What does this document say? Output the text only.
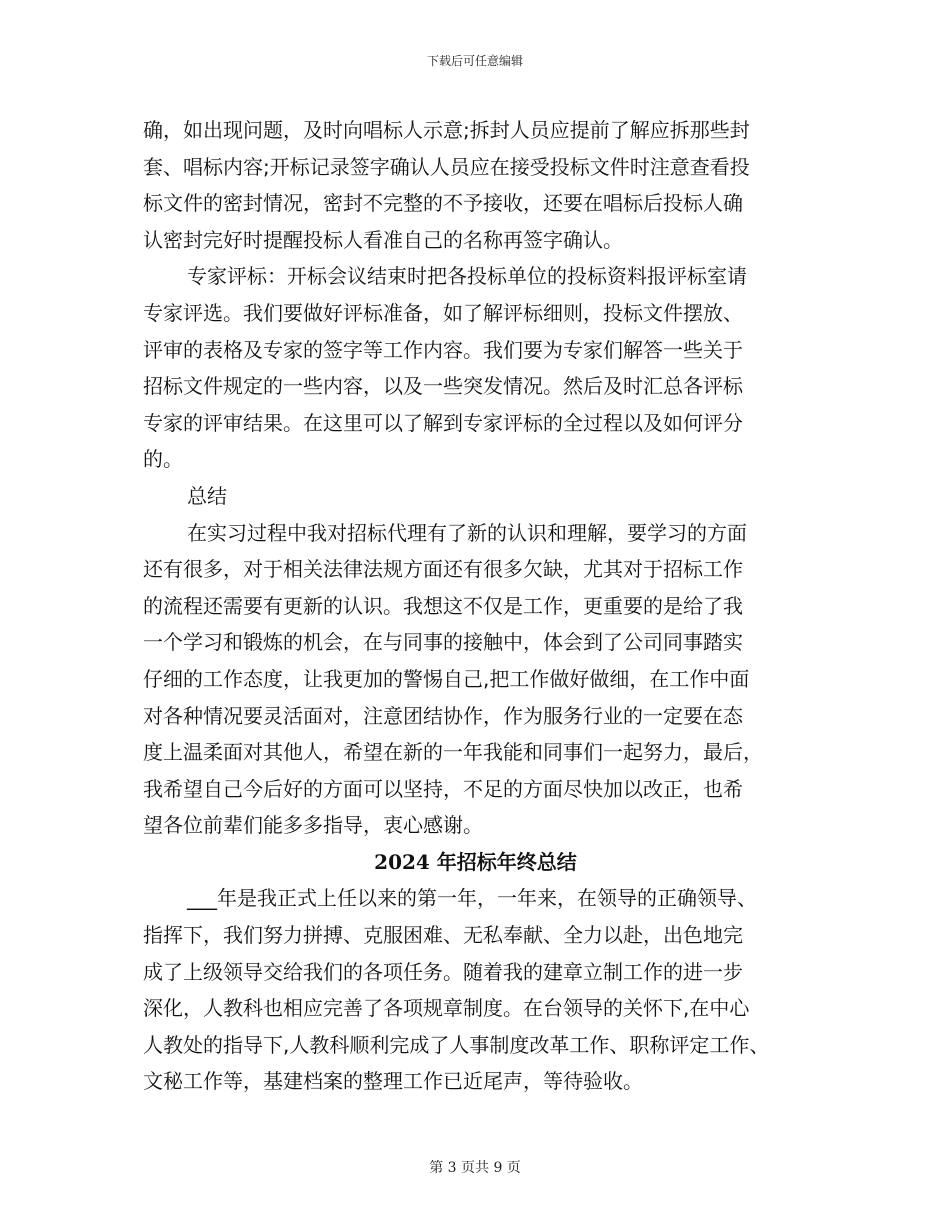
下载后可任意编辑
确，如出现问题，及时向唱标人示意;拆封人员应提前了解应拆那些封
套、唱标内容;开标记录签字确认人员应在接受投标文件时注意查看投
标文件的密封情况，密封不完整的不予接收，还要在唱标后投标人确
认密封完好时提醒投标人看准自己的名称再签字确认。
专家评标：开标会议结束时把各投标单位的投标资料报评标室请
专家评选。我们要做好评标准备，如了解评标细则，投标文件摆放、
评审的表格及专家的签字等工作内容。我们要为专家们解答一些关于
招标文件规定的一些内容，以及一些突发情况。然后及时汇总各评标
专家的评审结果。在这里可以了解到专家评标的全过程以及如何评分
的。
总结
在实习过程中我对招标代理有了新的认识和理解，要学习的方面
还有很多，对于相关法律法规方面还有很多欠缺，尤其对于招标工作
的流程还需要有更新的认识。我想这不仅是工作，更重要的是给了我
一个学习和锻炼的机会，在与同事的接触中，体会到了公司同事踏实
仔细的工作态度，让我更加的警惕自己,把工作做好做细，在工作中面
对各种情况要灵活面对，注意团结协作，作为服务行业的一定要在态
度上温柔面对其他人，希望在新的一年我能和同事们一起努力，最后，
我希望自己今后好的方面可以坚持，不足的方面尽快加以改正，也希
望各位前辈们能多多指导，衷心感谢。
2024 年招标年终总结
___年是我正式上任以来的第一年，一年来，在领导的正确领导、
指挥下，我们努力拼搏、克服困难、无私奉献、全力以赴，出色地完
成了上级领导交给我们的各项任务。随着我的建章立制工作的进一步
深化，人教科也相应完善了各项规章制度。在台领导的关怀下,在中心
人教处的指导下,人教科顺利完成了人事制度改革工作、职称评定工作、
文秘工作等，基建档案的整理工作已近尾声，等待验收。
第 3 页共 9 页
